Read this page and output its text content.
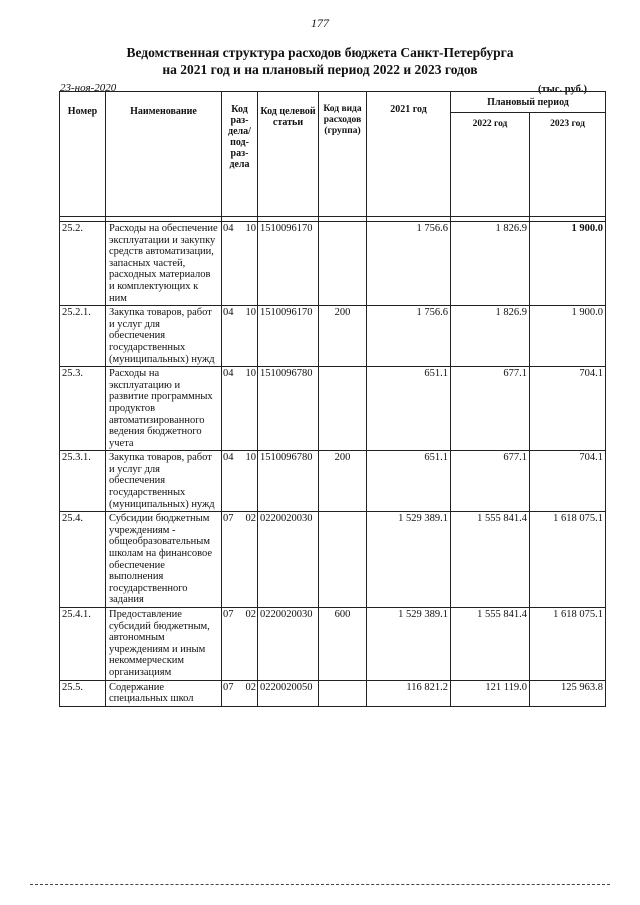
177
Ведомственная структура расходов бюджета Санкт-Петербурга
на 2021 год и на плановый период 2022 и 2023 годов
23-ноя-2020	(тыс. руб.)
Номер	Наименование	Код раз-дела/ под-раз-дела	Код целевой статьи	Код вида расходов (группа)	2021 год	Плановый период	
						2022 год	2023 год

25.2.	Расходы на обеспечение эксплуатации и закупку средств автоматизации, запасных частей, расходных материалов и комплектующих к ним	04 10	1510096170		1 756.6	1 826.9	1 900.0
25.2.1.	Закупка товаров, работ и услуг для обеспечения государственных (муниципальных) нужд	04 10	1510096170	200	1 756.6	1 826.9	1 900.0
25.3.	Расходы на эксплуатацию и развитие программных продуктов автоматизированного ведения бюджетного учета	04 10	1510096780		651.1	677.1	704.1
25.3.1.	Закупка товаров, работ и услуг для обеспечения государственных (муниципальных) нужд	04 10	1510096780	200	651.1	677.1	704.1
25.4.	Субсидии бюджетным учреждениям - общеобразовательным школам на финансовое обеспечение выполнения государственного задания	07 02	0220020030		1 529 389.1	1 555 841.4	1 618 075.1
25.4.1.	Предоставление субсидий бюджетным, автономным учреждениям и иным некоммерческим организациям	07 02	0220020030	600	1 529 389.1	1 555 841.4	1 618 075.1
25.5.	Содержание специальных школ	07 02	0220020050		116 821.2	121 119.0	125 963.8
